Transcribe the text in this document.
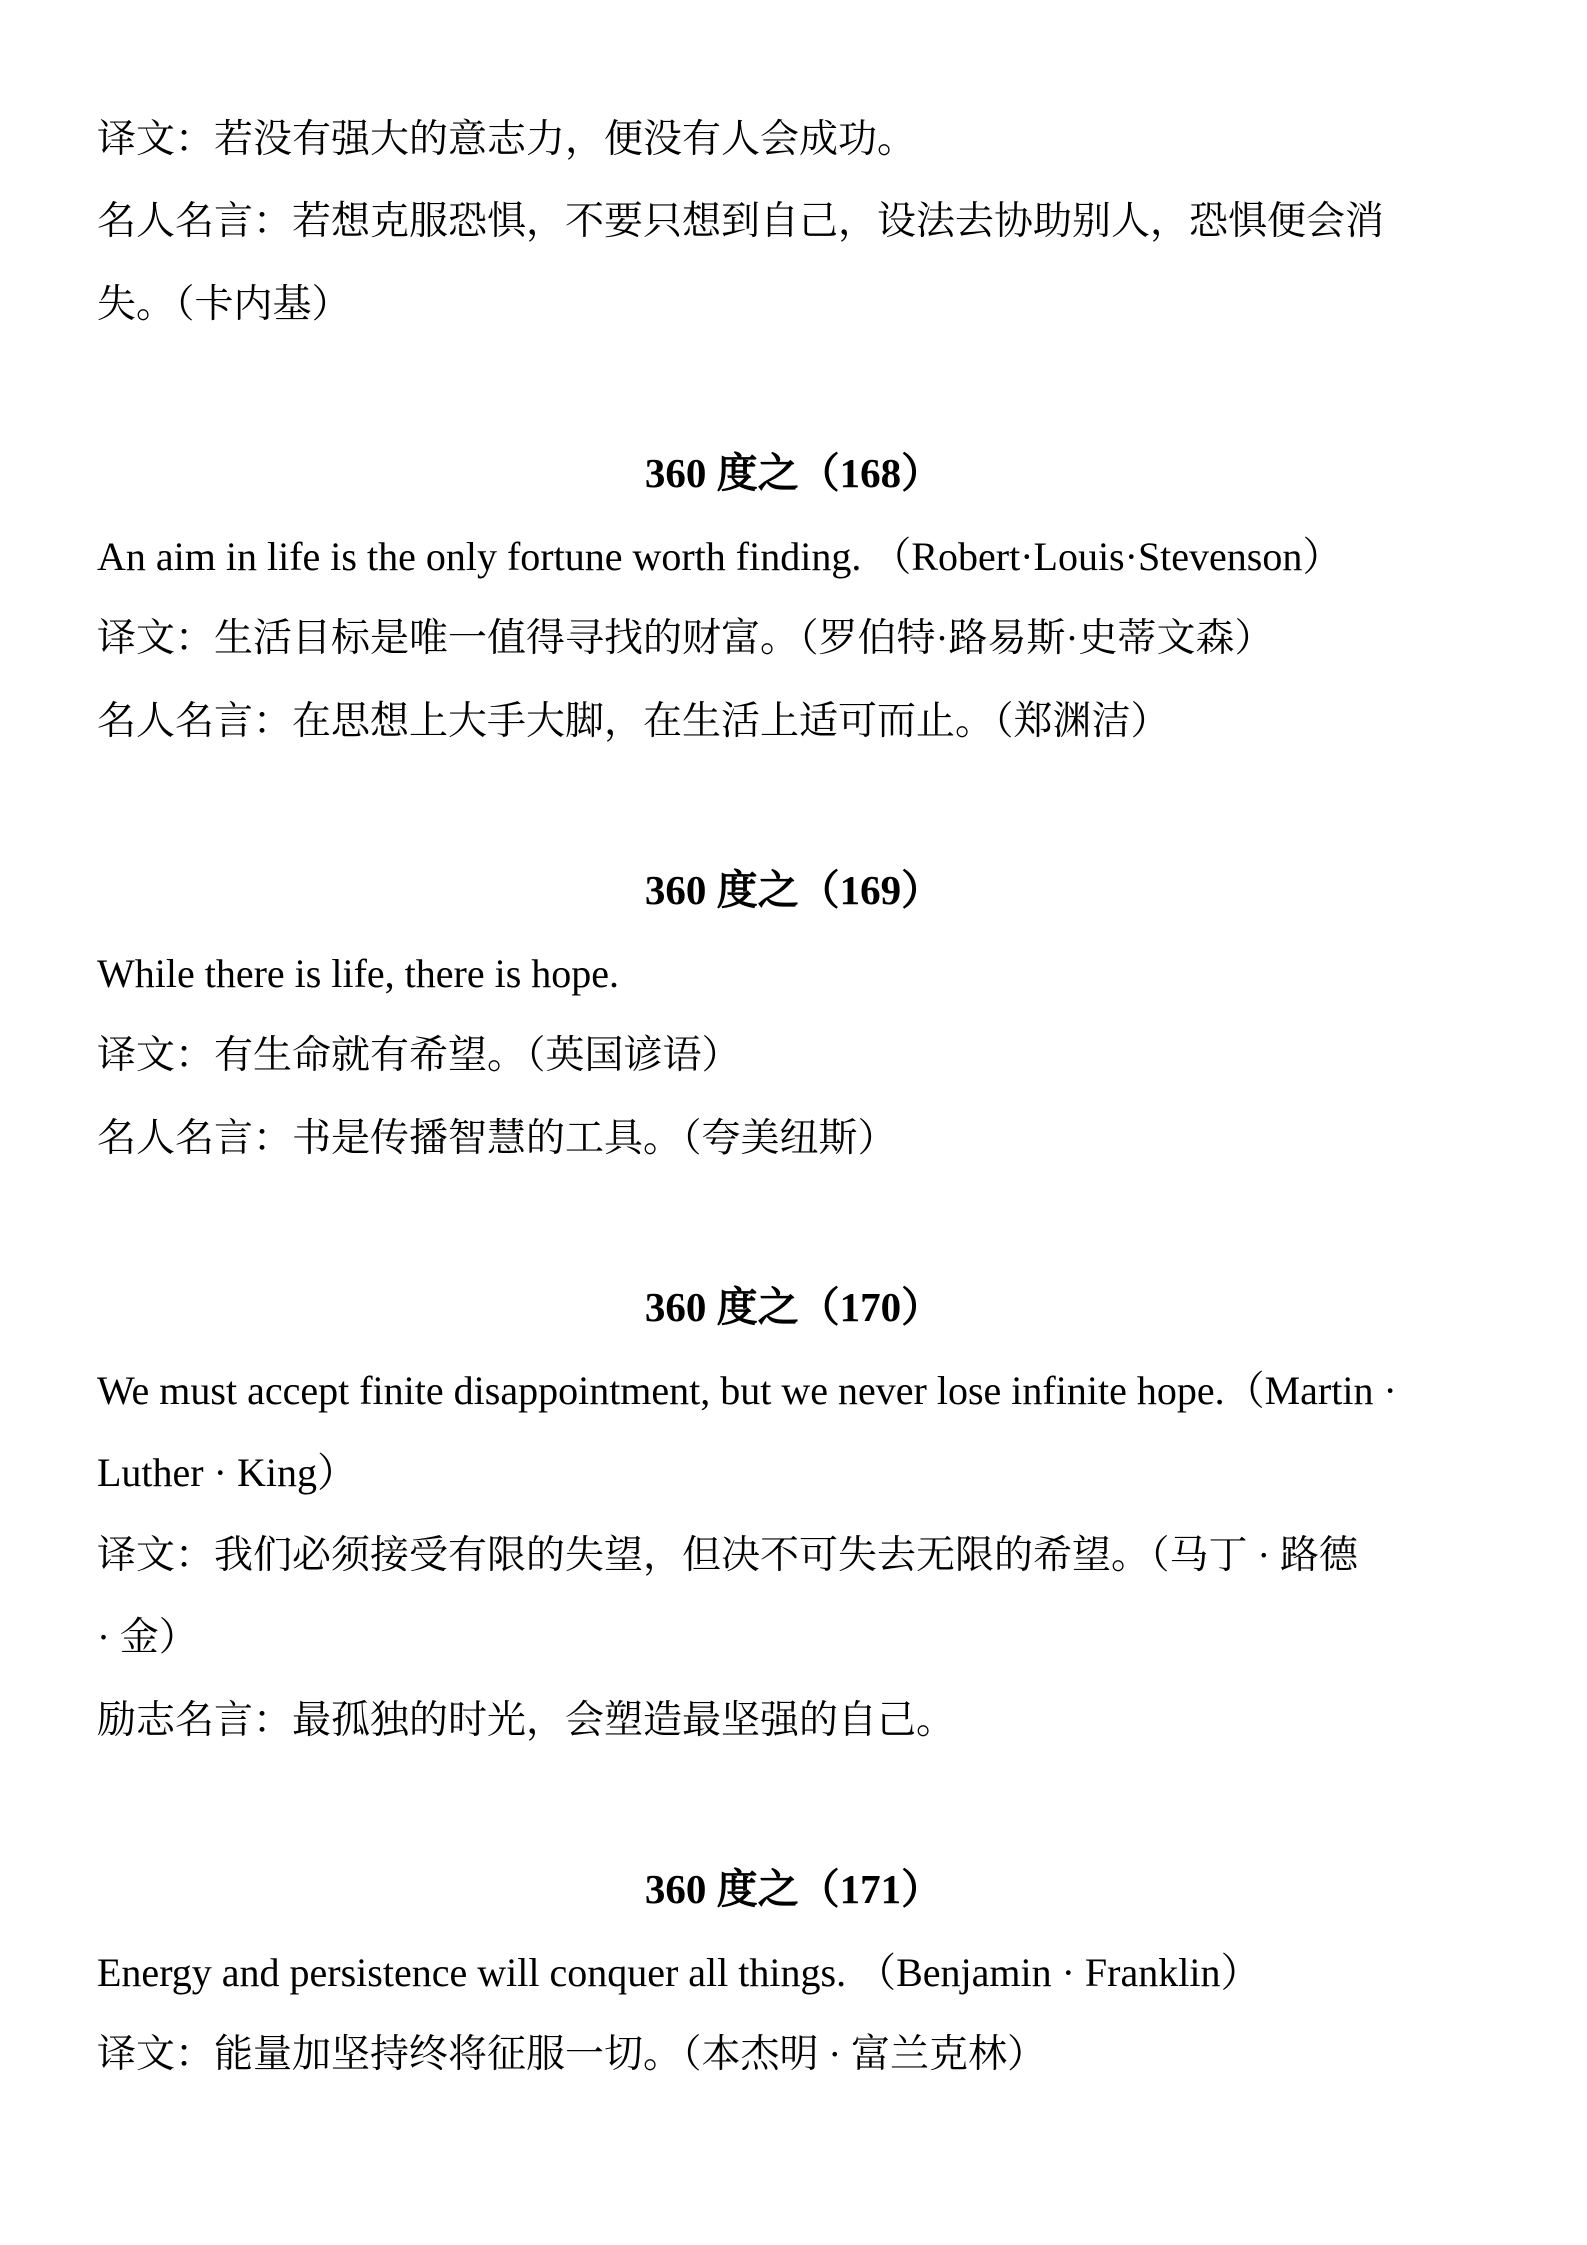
译文：若没有强大的意志力，便没有人会成功。
名人名言：若想克服恐惧，不要只想到自己，设法去协助别人，恐惧便会消
失。（卡内基）
360 度之（168）
An aim in life is the only fortune worth finding. （Robert·Louis·Stevenson）
译文：生活目标是唯一值得寻找的财富。（罗伯特·路易斯·史蒂文森）
名人名言：在思想上大手大脚，在生活上适可而止。（郑渊洁）
360 度之（169）
While there is life, there is hope.
译文：有生命就有希望。（英国谚语）
名人名言：书是传播智慧的工具。（夸美纽斯）
360 度之（170）
We must accept finite disappointment, but we never lose infinite hope.（Martin ·
Luther · King）
译文：我们必须接受有限的失望，但决不可失去无限的希望。（马丁 · 路德
· 金）
励志名言：最孤独的时光，会塑造最坚强的自己。
360 度之（171）
Energy and persistence will conquer all things. （Benjamin · Franklin）
译文：能量加坚持终将征服一切。（本杰明 · 富兰克林）
